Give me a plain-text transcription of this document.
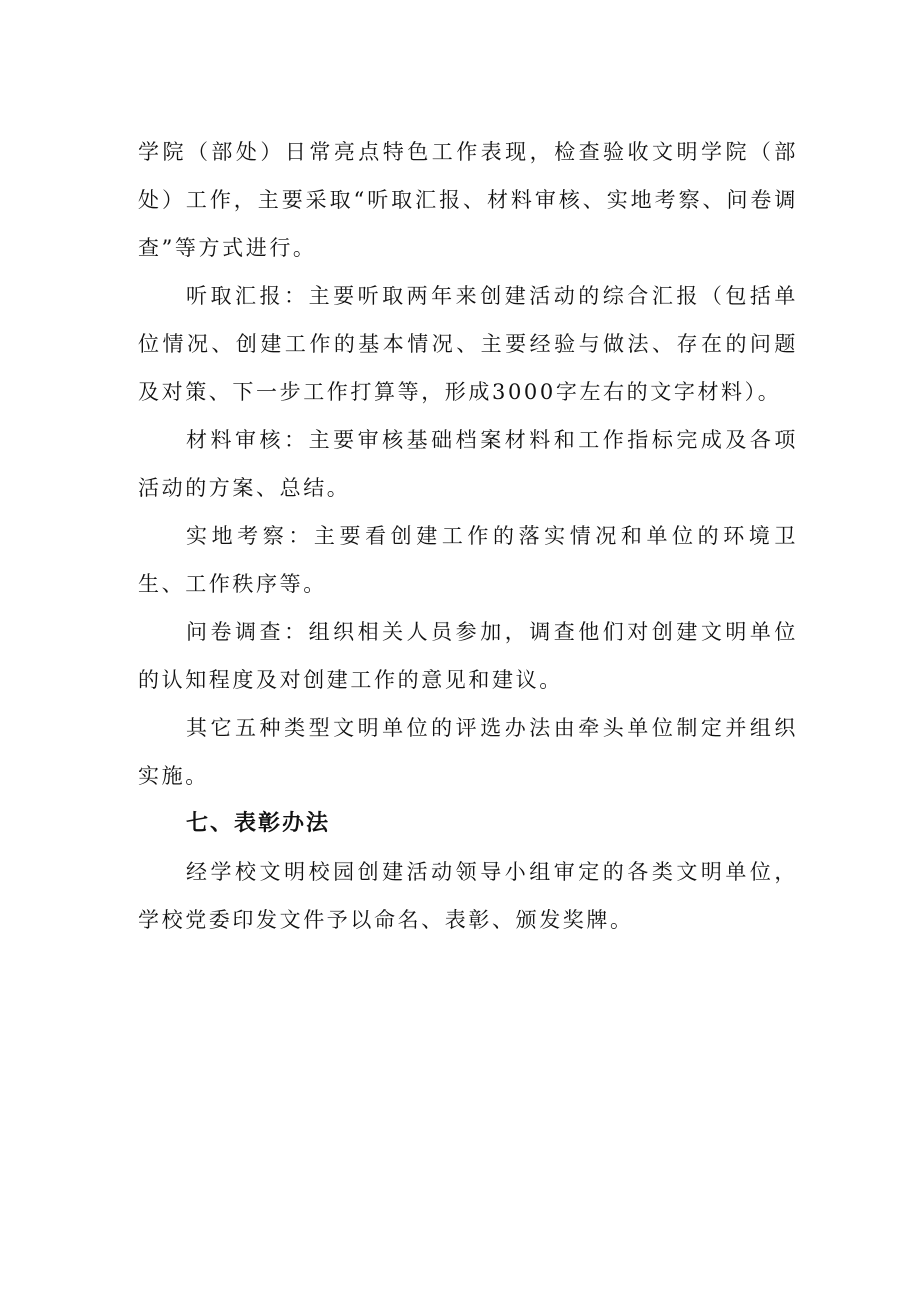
学院（部处）日常亮点特色工作表现，检查验收文明学院（部处）工作，主要采取“听取汇报、材料审核、实地考察、问卷调查”等方式进行。

听取汇报：主要听取两年来创建活动的综合汇报（包括单位情况、创建工作的基本情况、主要经验与做法、存在的问题及对策、下一步工作打算等，形成3000字左右的文字材料）。

材料审核：主要审核基础档案材料和工作指标完成及各项活动的方案、总结。

实地考察：主要看创建工作的落实情况和单位的环境卫生、工作秩序等。

问卷调查：组织相关人员参加，调查他们对创建文明单位的认知程度及对创建工作的意见和建议。

其它五种类型文明单位的评选办法由牵头单位制定并组织实施。

七、表彰办法

经学校文明校园创建活动领导小组审定的各类文明单位，学校党委印发文件予以命名、表彰、颁发奖牌。
